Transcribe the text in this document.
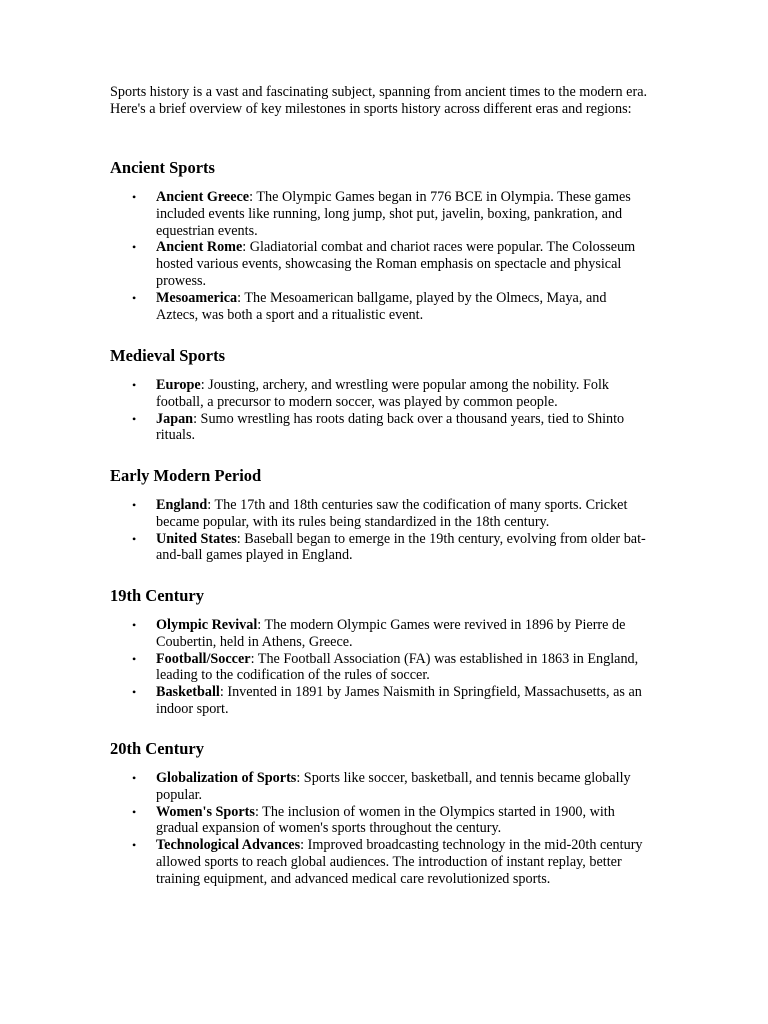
Sports history is a vast and fascinating subject, spanning from ancient times to the modern era. Here's a brief overview of key milestones in sports history across different eras and regions:

Ancient Sports
• Ancient Greece: The Olympic Games began in 776 BCE in Olympia. These games included events like running, long jump, shot put, javelin, boxing, pankration, and equestrian events.
• Ancient Rome: Gladiatorial combat and chariot races were popular. The Colosseum hosted various events, showcasing the Roman emphasis on spectacle and physical prowess.
• Mesoamerica: The Mesoamerican ballgame, played by the Olmecs, Maya, and Aztecs, was both a sport and a ritualistic event.
Medieval Sports
• Europe: Jousting, archery, and wrestling were popular among the nobility. Folk football, a precursor to modern soccer, was played by common people.
• Japan: Sumo wrestling has roots dating back over a thousand years, tied to Shinto rituals.
Early Modern Period
• England: The 17th and 18th centuries saw the codification of many sports. Cricket became popular, with its rules being standardized in the 18th century.
• United States: Baseball began to emerge in the 19th century, evolving from older bat-and-ball games played in England.
19th Century
• Olympic Revival: The modern Olympic Games were revived in 1896 by Pierre de Coubertin, held in Athens, Greece.
• Football/Soccer: The Football Association (FA) was established in 1863 in England, leading to the codification of the rules of soccer.
• Basketball: Invented in 1891 by James Naismith in Springfield, Massachusetts, as an indoor sport.
20th Century
• Globalization of Sports: Sports like soccer, basketball, and tennis became globally popular.
• Women's Sports: The inclusion of women in the Olympics started in 1900, with gradual expansion of women's sports throughout the century.
• Technological Advances: Improved broadcasting technology in the mid-20th century allowed sports to reach global audiences. The introduction of instant replay, better training equipment, and advanced medical care revolutionized sports.
